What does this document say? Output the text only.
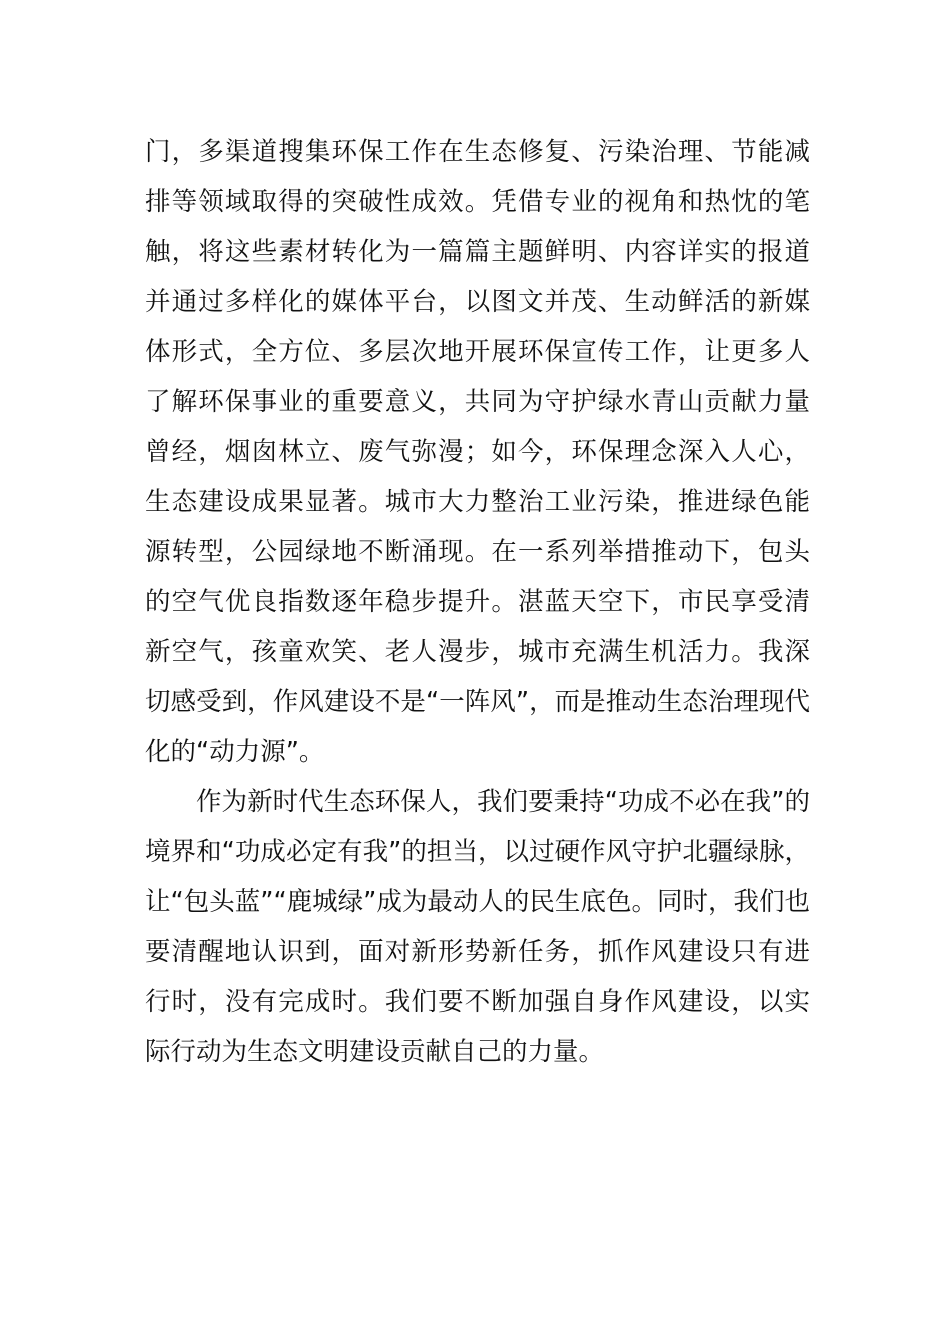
门，多渠道搜集环保工作在生态修复、污染治理、节能减
排等领域取得的突破性成效。凭借专业的视角和热忱的笔
触，将这些素材转化为一篇篇主题鲜明、内容详实的报道
并通过多样化的媒体平台，以图文并茂、生动鲜活的新媒
体形式，全方位、多层次地开展环保宣传工作，让更多人
了解环保事业的重要意义，共同为守护绿水青山贡献力量
曾经，烟囱林立、废气弥漫；如今，环保理念深入人心，
生态建设成果显著。城市大力整治工业污染，推进绿色能
源转型，公园绿地不断涌现。在一系列举措推动下，包头
的空气优良指数逐年稳步提升。湛蓝天空下，市民享受清
新空气，孩童欢笑、老人漫步，城市充满生机活力。我深
切感受到，作风建设不是“一阵风”，而是推动生态治理现代
化的“动力源”。
作为新时代生态环保人，我们要秉持“功成不必在我”的
境界和“功成必定有我”的担当，以过硬作风守护北疆绿脉，
让“包头蓝”“鹿城绿”成为最动人的民生底色。同时，我们也
要清醒地认识到，面对新形势新任务，抓作风建设只有进
行时，没有完成时。我们要不断加强自身作风建设，以实
际行动为生态文明建设贡献自己的力量。
